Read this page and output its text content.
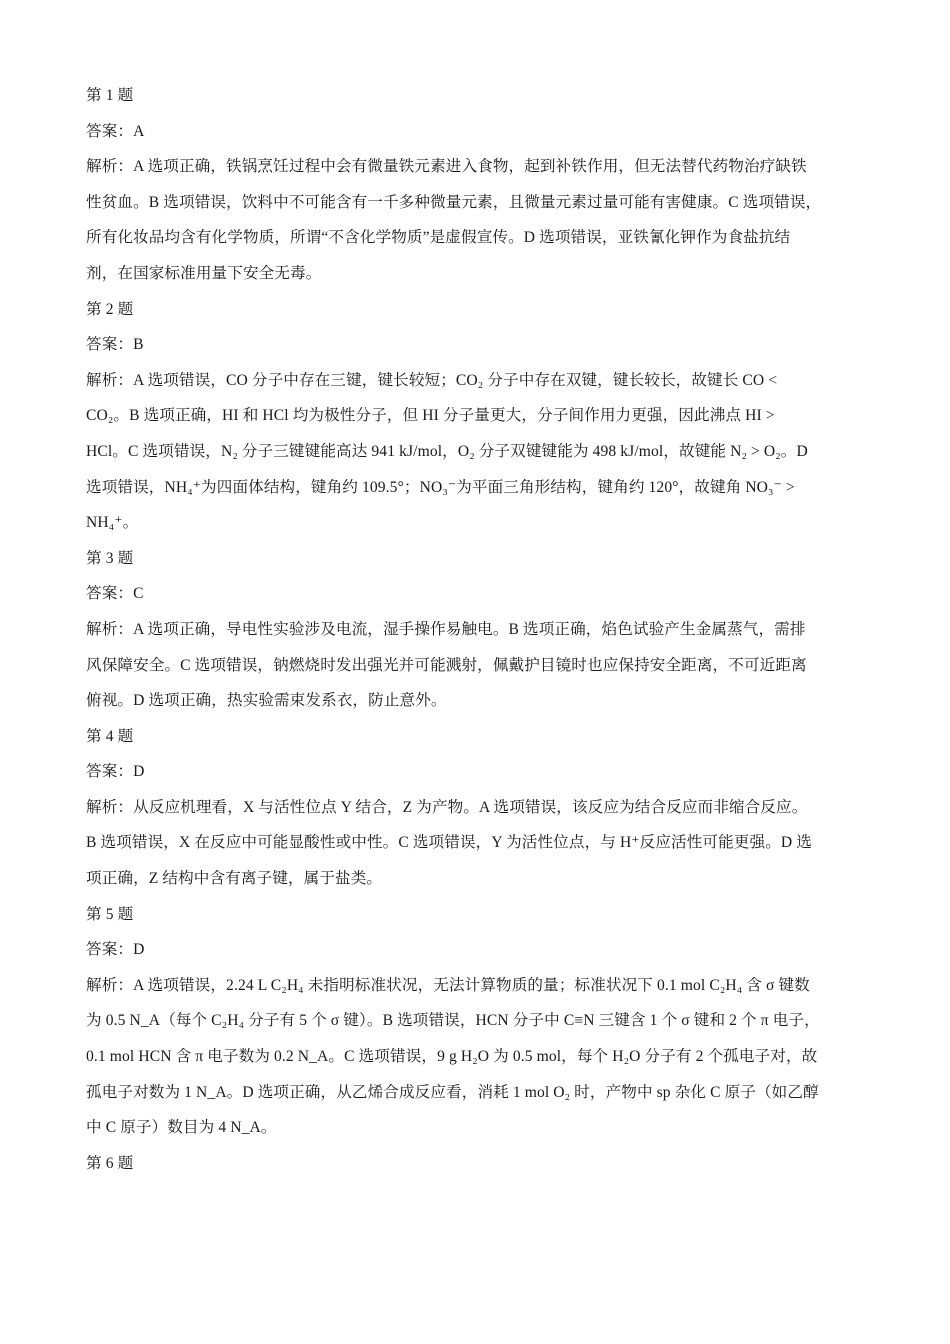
第 1 题

答案：A

解析：A 选项正确，铁锅烹饪过程中会有微量铁元素进入食物，起到补铁作用，但无法替代药物治疗缺铁

性贫血。B 选项错误，饮料中不可能含有一千多种微量元素，且微量元素过量可能有害健康。C 选项错误，

所有化妆品均含有化学物质，所谓“不含化学物质”是虚假宣传。D 选项错误，亚铁氰化钾作为食盐抗结

剂，在国家标准用量下安全无毒。

第 2 题

答案：B

解析：A 选项错误，CO 分子中存在三键，键长较短；CO₂ 分子中存在双键，键长较长，故键长 CO <

CO₂。B 选项正确，HI 和 HCl 均为极性分子，但 HI 分子量更大，分子间作用力更强，因此沸点 HI >

HCl。C 选项错误，N₂ 分子三键键能高达 941 kJ/mol，O₂ 分子双键键能为 498 kJ/mol，故键能 N₂ > O₂。D

选项错误，NH₄⁺为四面体结构，键角约 109.5°；NO₃⁻为平面三角形结构，键角约 120°，故键角 NO₃⁻ >

NH₄⁺。

第 3 题

答案：C

解析：A 选项正确，导电性实验涉及电流，湿手操作易触电。B 选项正确，焰色试验产生金属蒸气，需排

风保障安全。C 选项错误，钠燃烧时发出强光并可能溅射，佩戴护目镜时也应保持安全距离，不可近距离

俯视。D 选项正确，热实验需束发系衣，防止意外。

第 4 题

答案：D

解析：从反应机理看，X 与活性位点 Y 结合，Z 为产物。A 选项错误，该反应为结合反应而非缩合反应。

B 选项错误，X 在反应中可能显酸性或中性。C 选项错误，Y 为活性位点，与 H⁺反应活性可能更强。D 选

项正确，Z 结构中含有离子键，属于盐类。

第 5 题

答案：D

解析：A 选项错误，2.24 L C₂H₄ 未指明标准状况，无法计算物质的量；标准状况下 0.1 mol C₂H₄ 含 σ 键数

为 0.5 N_A（每个 C₂H₄ 分子有 5 个 σ 键）。B 选项错误，HCN 分子中 C≡N 三键含 1 个 σ 键和 2 个 π 电子，

0.1 mol HCN 含 π 电子数为 0.2 N_A。C 选项错误，9 g H₂O 为 0.5 mol，每个 H₂O 分子有 2 个孤电子对，故

孤电子对数为 1 N_A。D 选项正确，从乙烯合成反应看，消耗 1 mol O₂ 时，产物中 sp 杂化 C 原子（如乙醇

中 C 原子）数目为 4 N_A。

第 6 题
